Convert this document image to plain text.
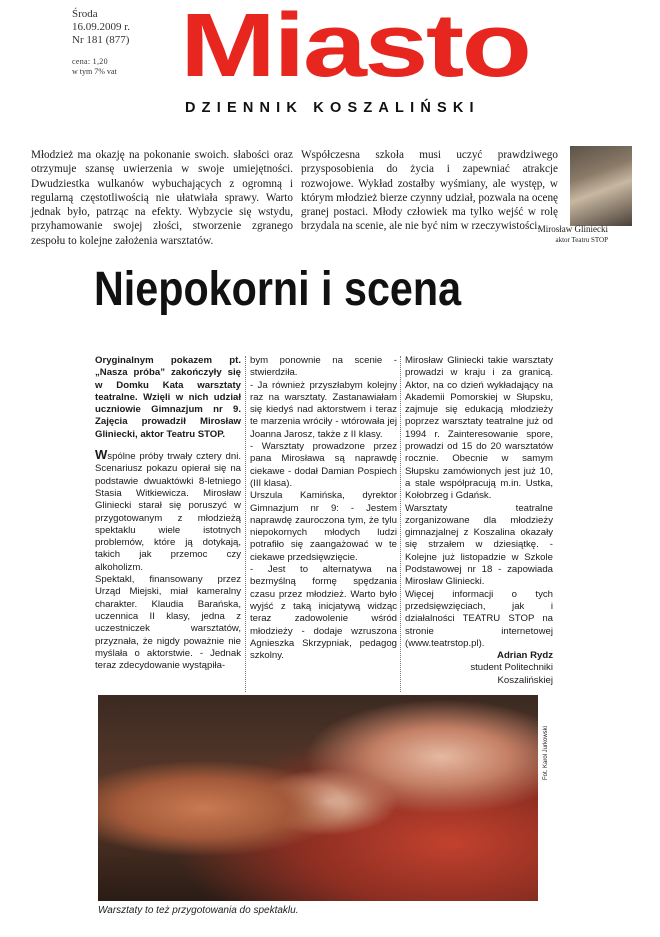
Środa
16.09.2009 r.
Nr 181 (877)
cena: 1,20
w tym 7% vat Miasto
DZIENNIK KOSZALIŃSKI
Młodzież ma okazję na pokonanie swoich. słabości oraz otrzymuje szansę uwierzenia w swoje umiejętności. Dwudziestka wulkanów wybuchających z ogromną i regularną częstotliwością nie ułatwiała sprawy. Warto jednak było, patrząc na efekty. Wybzycie się wstydu, przyhamowanie swojej złości, stworzenie zgranego zespołu to kolejne założenia warsztatów.
Współczesna szkoła musi uczyć prawdziwego przysposobienia do życia i zapewniać atrakcje rozwojowe. Wykład zostałby wyśmiany, ale występ, w którym młodzież bierze czynny udział, pozwala na ocenę granej postaci. Młody człowiek ma tylko wejść w rolę brzydala na scenie, ale nie być nim w rzeczywistości.
Mirosław Gliniecki
aktor Teatru STOP
Niepokorni i scena

Oryginalnym pokazem pt. „Nasza próba” zakończyły się w Domku Kata warsztaty teatralne. Wzięli w nich udział uczniowie Gimnazjum nr 9. Zajęcia prowadził Mirosław Gliniecki, aktor Teatru STOP.

Wspólne próby trwały cztery dni. Scenariusz pokazu opierał się na podstawie dwuaktówki 8-letniego Stasia Witkiewicza. Mirosław Gliniecki starał się poruszyć w przygotowanym z młodzieżą spektaklu wiele istotnych problemów, które ją dotykają, takich jak przemoc czy alkoholizm.

Spektakl, finansowany przez Urząd Miejski, miał kameralny charakter. Klaudia Barańska, uczennica II klasy, jedna z uczestniczek warsztatów, przyznała, że nigdy poważnie nie myślała o aktorstwie. - Jednak teraz zdecydowanie wystąpiła-

bym ponownie na scenie - stwierdziła.

- Ja również przyszłabym kolejny raz na warsztaty. Zastanawiałam się kiedyś nad aktorstwem i teraz te marzenia wróciły - wtórowała jej Joanna Jarosz, także z II klasy.

- Warsztaty prowadzone przez pana Mirosława są naprawdę ciekawe - dodał Damian Pospiech (III klasa).

Urszula Kamińska, dyrektor Gimnazjum nr 9: - Jestem naprawdę zauroczona tym, że tylu niepokornych młodych ludzi potrafiło się zaangażować w te ciekawe przedsięwzięcie.

- Jest to alternatywa na bezmyślną formę spędzania czasu przez młodzież. Warto było wyjść z taką inicjatywą widząc teraz zadowolenie wśród młodzieży - dodaje wzruszona Agnieszka Skrzypniak, pedagog szkolny.

Mirosław Gliniecki takie warsztaty prowadzi w kraju i za granicą. Aktor, na co dzień wykładający na Akademii Pomorskiej w Słupsku, zajmuje się edukacją młodzieży poprzez warsztaty teatralne już od 1994 r. Zainteresowanie spore, prowadzi od 15 do 20 warsztatów rocznie. Obecnie w samym Słupsku zamówionych jest już 10, a stale współpracują m.in. Ustka, Kołobrzeg i Gdańsk.

Warsztaty teatralne zorganizowane dla młodzieży gimnazjalnej z Koszalina okazały się strzałem w dziesiątkę. - Kolejne już listopadzie w Szkole Podstawowej nr 18 - zapowiada Mirosław Gliniecki.

Więcej informacji o tych przedsięwzięciach, jak i działalności TEATRU STOP na stronie internetowej (www.teatrstop.pl).

Adrian Rydz
student Politechniki
Koszalińskiej
Fot. Karol Jurkowski
Warsztaty to też przygotowania do spektaklu.
